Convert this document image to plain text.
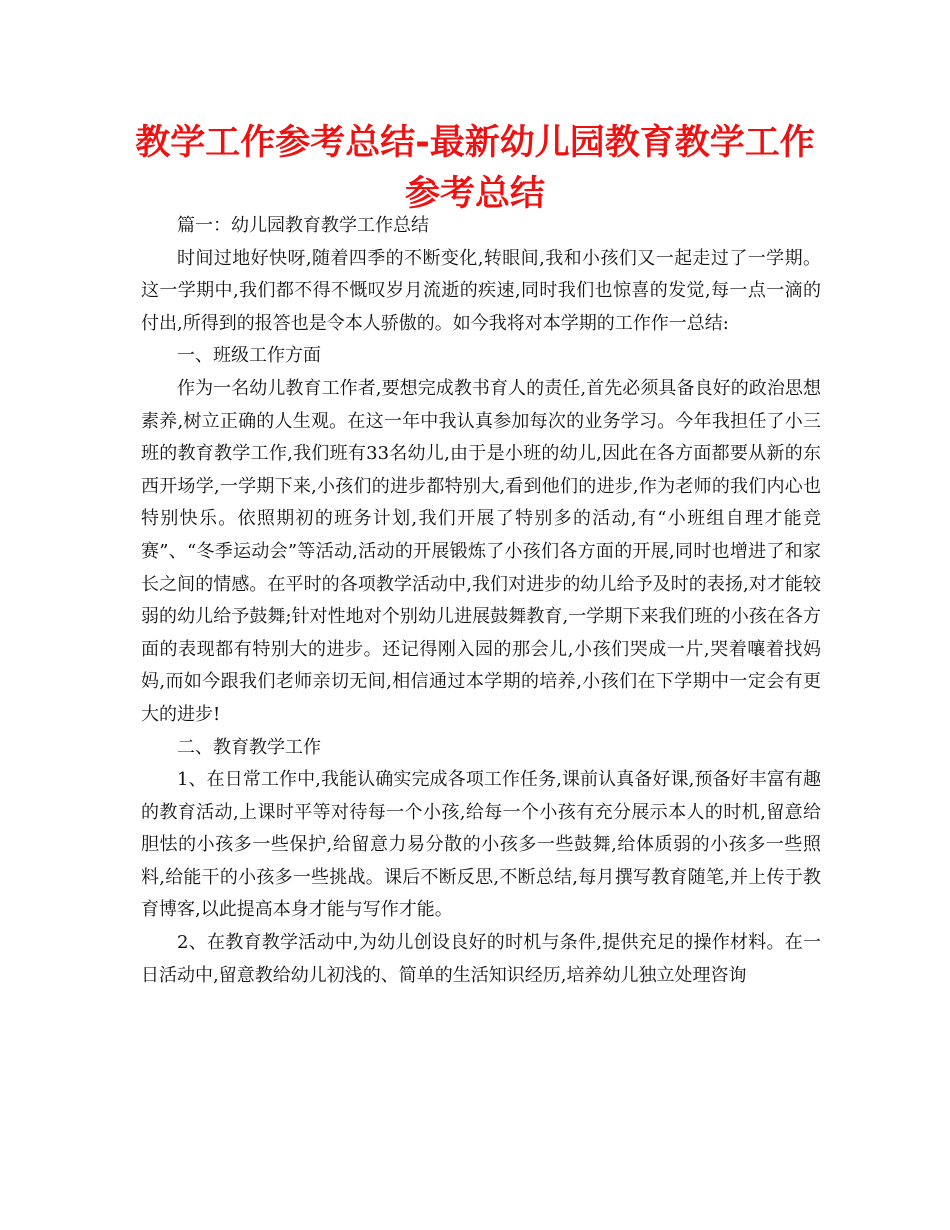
教学工作参考总结-最新幼儿园教育教学工作参考总结

篇一：幼儿园教育教学工作总结

时间过地好快呀,随着四季的不断变化,转眼间,我和小孩们又一起走过了一学期。这一学期中,我们都不得不慨叹岁月流逝的疾速,同时我们也惊喜的发觉,每一点一滴的付出,所得到的报答也是令本人骄傲的。如今我将对本学期的工作作一总结:

一、班级工作方面

作为一名幼儿教育工作者,要想完成教书育人的责任,首先必须具备良好的政治思想素养,树立正确的人生观。在这一年中我认真参加每次的业务学习。今年我担任了小三班的教育教学工作,我们班有33名幼儿,由于是小班的幼儿,因此在各方面都要从新的东西开场学,一学期下来,小孩们的进步都特别大,看到他们的进步,作为老师的我们内心也特别快乐。依照期初的班务计划,我们开展了特别多的活动,有“小班组自理才能竞赛”、“冬季运动会”等活动,活动的开展锻炼了小孩们各方面的开展,同时也增进了和家长之间的情感。在平时的各项教学活动中,我们对进步的幼儿给予及时的表扬,对才能较弱的幼儿给予鼓舞;针对性地对个别幼儿进展鼓舞教育,一学期下来我们班的小孩在各方面的表现都有特别大的进步。还记得刚入园的那会儿,小孩们哭成一片,哭着嚷着找妈妈,而如今跟我们老师亲切无间,相信通过本学期的培养,小孩们在下学期中一定会有更大的进步!

二、教育教学工作

1、在日常工作中,我能认确实完成各项工作任务,课前认真备好课,预备好丰富有趣的教育活动,上课时平等对待每一个小孩,给每一个小孩有充分展示本人的时机,留意给胆怯的小孩多一些保护,给留意力易分散的小孩多一些鼓舞,给体质弱的小孩多一些照料,给能干的小孩多一些挑战。课后不断反思,不断总结,每月撰写教育随笔,并上传于教育博客,以此提高本身才能与写作才能。

2、在教育教学活动中,为幼儿创设良好的时机与条件,提供充足的操作材料。在一日活动中,留意教给幼儿初浅的、简单的生活知识经历,培养幼儿独立处理咨询
